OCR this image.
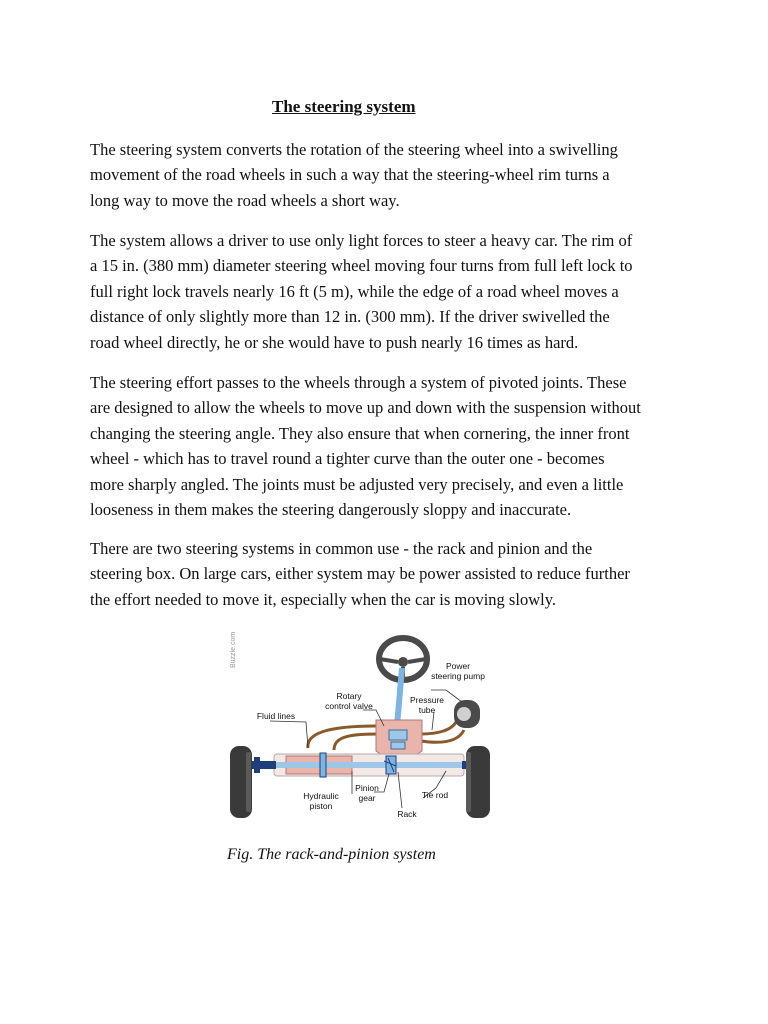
The steering system
The steering system converts the rotation of the steering wheel into a swivelling
movement of the road wheels in such a way that the steering-wheel rim turns a
long way to move the road wheels a short way.
The system allows a driver to use only light forces to steer a heavy car. The rim of
a 15 in. (380 mm) diameter steering wheel moving four turns from full left lock to
full right lock travels nearly 16 ft (5 m), while the edge of a road wheel moves a
distance of only slightly more than 12 in. (300 mm). If the driver swivelled the
road wheel directly, he or she would have to push nearly 16 times as hard.
The steering effort passes to the wheels through a system of pivoted joints. These
are designed to allow the wheels to move up and down with the suspension without
changing the steering angle. They also ensure that when cornering, the inner front
wheel - which has to travel round a tighter curve than the outer one - becomes
more sharply angled. The joints must be adjusted very precisely, and even a little
looseness in them makes the steering dangerously sloppy and inaccurate.
There are two steering systems in common use - the rack and pinion and the
steering box. On large cars, either system may be power assisted to reduce further
the effort needed to move it, especially when the car is moving slowly.
Buzzle.com	Power
steering pump
Rotary
control valve
Pressure
tube
Fluid lines
Hydraulic
piston
Pinion
gear	Tie rod
Rack
Fig. The rack-and-pinion system
